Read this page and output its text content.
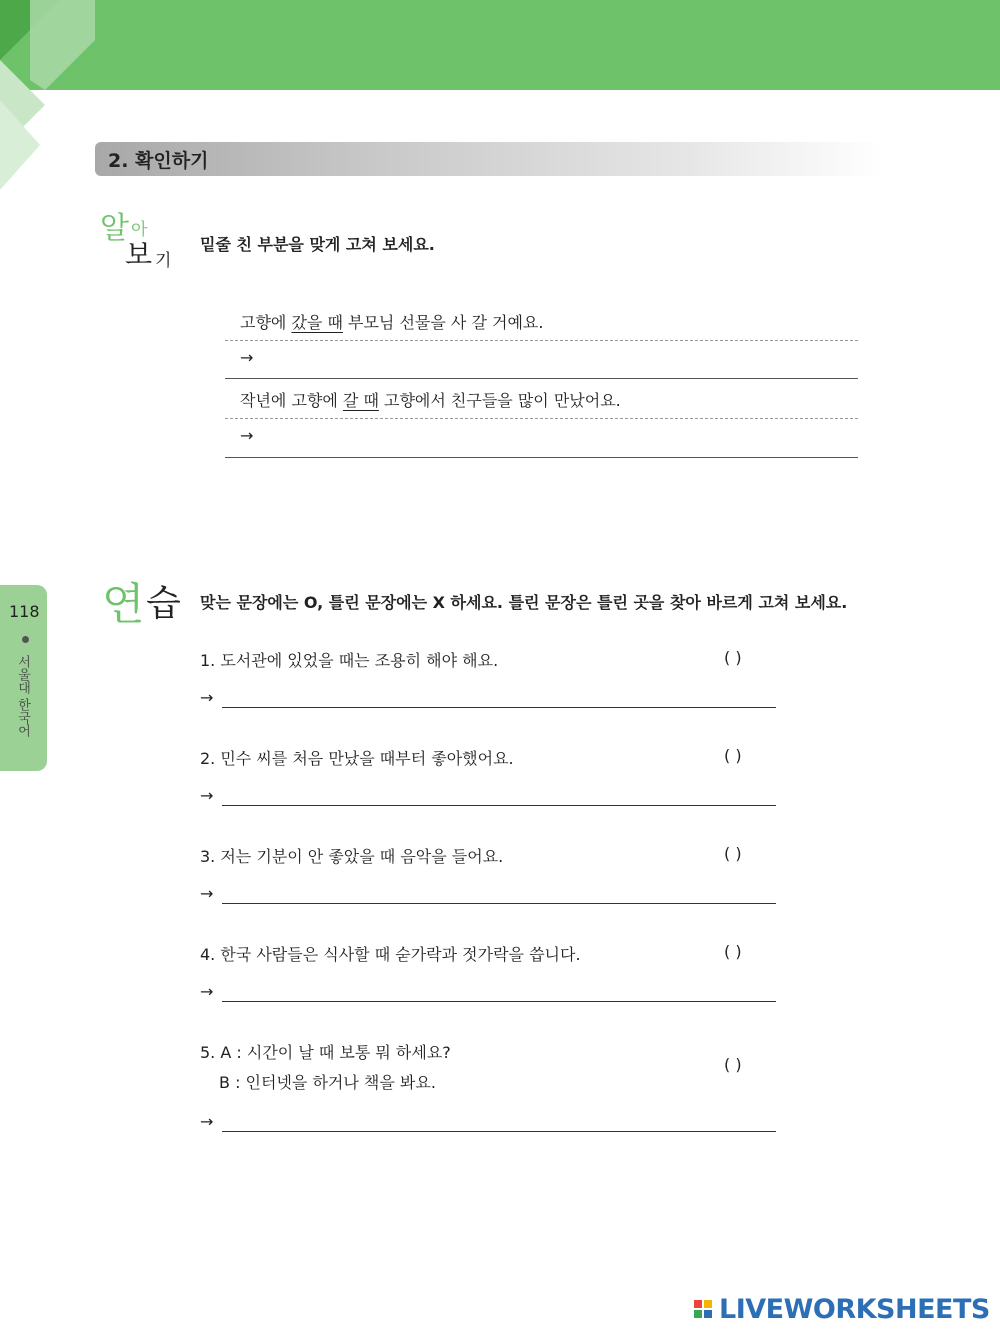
2. 확인하기
알 아
보 기
밑줄 친 부분을 맞게 고쳐 보세요.
고향에 갔을 때 부모님 선물을 사 갈 거예요.
→
작년에 고향에 갈 때 고향에서 친구들을 많이 만났어요.
→
연 습 맞는 문장에는 O, 틀린 문장에는 X 하세요. 틀린 문장은 틀린 곳을 찾아 바르게 고쳐 보세요.
118
서울대 한국어	1. 도서관에 있었을 때는 조용히 해야 해요.	( )
→
2. 민수 씨를 처음 만났을 때부터 좋아했어요.	( )
→
3. 저는 기분이 안 좋았을 때 음악을 들어요.	( )
→
4. 한국 사람들은 식사할 때 숟가락과 젓가락을 씁니다.	( )
→
5. A : 시간이 날 때 보통 뭐 하세요?
B : 인터넷을 하거나 책을 봐요.
( )
→
LIVEWORKSHEETS
